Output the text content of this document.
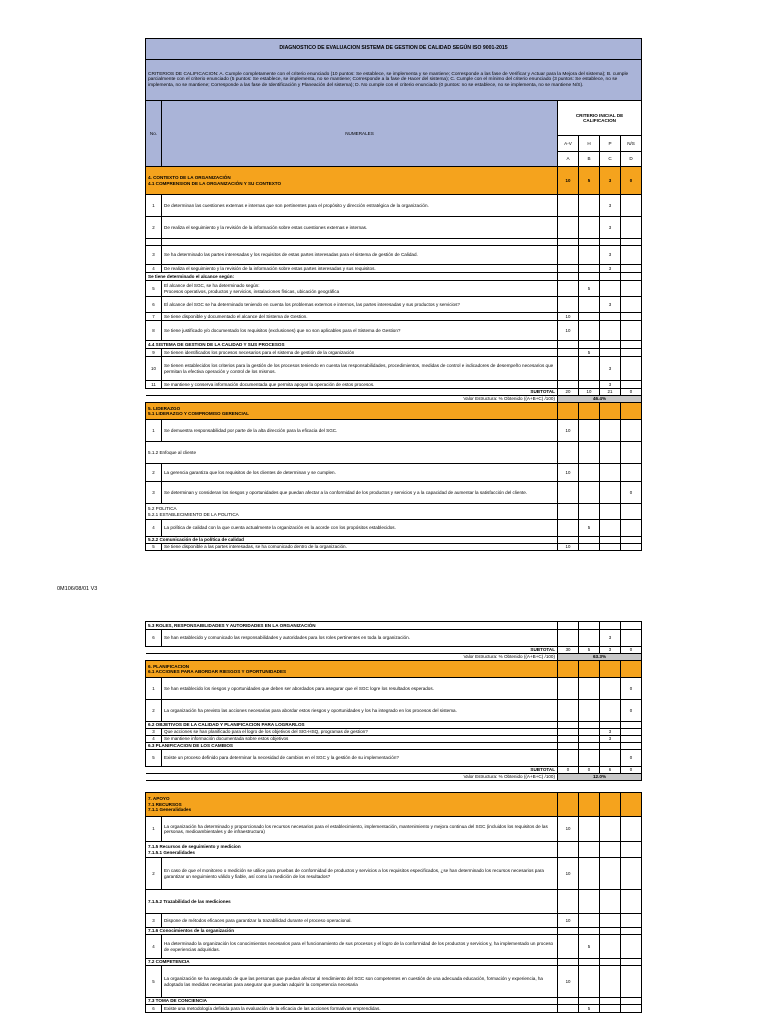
DIAGNOSTICO DE EVALUACION SISTEMA DE GESTION DE CALIDAD SEGÚN ISO 9001-2015					
CRITERIOS DE CALIFICACION: A. Cumple completamente con el criterio enunciado (10 puntos: Se establece, se implementa y se mantiene; Corresponde a las fase de Verificar y Actuar para la Mejora del sistema); B. cumple parcialmente con el criterio enunciado (5 puntos: Se establece, se implementa, no se mantiene; Corresponde a la fase de Hacer del sistema); C. Cumple con el mínimo del criterio enunciado (3 puntos: Se establece, no se implementa, no se mantiene; Corresponde a las fase de Identificación y Planeación del sistema); D. No cumple con el criterio enunciado (0 puntos: no se establece, no se implementa, no se mantiene N/S).					
No.	NUMERALES	CRITERIO INICIAL DE CALIFICACION			
		A-V	H	P	N/S
		A	B	C	D
4. CONTEXTO DE LA ORGANIZACIÓN
4.1 COMPRENSION DE LA ORGANIZACIÓN Y SU CONTEXTO		10	5	3	0
1	De determinan las cuestiones externas e internas que son pertinentes para el propósito y dirección estratégica de la organización.			3	
2	De realiza el seguimiento y la revisión de la información sobre estas cuestiones externas e internas.			3	

3	Se ha determinado las partes interesadas y los requisitos de estas partes interesadas para el sistema de gestión de Calidad.			3	
4	De realiza el seguimiento y la revisión de la información sobre estas partes interesadas y sus requisitos.			3	
Se tiene determinado el alcance según:					
5	El alcance del SGC, se ha determinado según:
Procesos operativos, productos y servicios, instalaciones físicas, ubicación geográfica		5		
6	El alcance del SGC se ha determinado teniendo en cuenta los problemas externos e internos, las partes interesadas y sus productos y servicios?			3	
7	Se tiene disponible y documentado el alcance del Sistema de Gestion.	10			
8	Se tiene justificado y/o documentado los requisitos (exclusiones) que no son aplicables para el Sistema de Gestion?	10			
4.4 SISTEMA DE GESTION DE LA CALIDAD Y SUS PROCESOS					
9	Se tienen identificados los procesos necesarios para el sistema de gestión de la organización		5		
10	Se tienen establecidos los criterios para la gestión de los procesos teniendo en cuenta las responsabilidades, procedimientos, medidas de control e indicadores de desempeño necesarios que permitan la efectiva operación y control de los mismos.			3	
11	Se mantiene y conserva información documentada que permita apoyar la operación de estos procesos.			3	
	SUBTOTAL	20	10	21	0
	Valor Estructura: % Obtenido ((A+B+C) /100)	46.4%			
5. LIDERAZGO
5.1 LIDERAZGO Y COMPROMISO GERENCIAL					
1	Se demuestra responsabilidad por parte de la alta dirección para la eficacia del SGC.	10			
5.1.2 Enfoque al cliente					
2	La gerencia garantiza que los requisitos de los clientes de determinan y se cumplen.	10			
3	Se determinan y consideran los riesgos y oportunidades que puedan afectar a la conformidad de los productos y servicios y a la capacidad de aumentar la satisfacción del cliente.				0
5.2 POLITICA
5.2.1 ESTABLECIMIENTO DE LA POLITICA					
4	La política de calidad con la que cuenta actualmente la organización es la acorde con los propósitos establecidos.		5		
5.2.2 Comunicación de la política de calidad					
5	Se tiene disponible a las partes interesadas, se ha comunicado dentro de la organización.	10			
0M106/08/01 V3
5.3 ROLES, RESPONSABILIDADES Y AUTORIDADES EN LA ORGANIZACIÓN					
6	Se han establecido y comunicado las responsabilidades y autoridades para los roles pertinentes en toda la organización.			3	
	SUBTOTAL	30	5	3	0
	Valor Estructura: % Obtenido ((A+B+C) /100)	63.3%			
6. PLANIFICACION
6.1 ACCIONES PARA ABORDAR RIESGOS Y OPORTUNIDADES					
1	Se han establecido los riesgos y oportunidades que deben ser abordados para asegurar que el SGC logre los resultados esperados.				0
2	La organización ha previsto las acciones necesarias para abordar estos riesgos y oportunidades y los ha integrado en los procesos del sistema.				0
6.2 OBJETIVOS DE LA CALIDAD Y PLANIFICACION PARA LOGRARLOS					
3	Que acciones se han planificado para el logro de los objetivos del SIG-HSQ, programas de gestion?			3	
4	Se mantiene información documentada sobre estos objetivos			3	
6.3 PLANIFICACION DE LOS CAMBIOS					
5	Existe un proceso definido para determinar la necesidad de cambios en el SGC y la gestión de su implementación?				0
	SUBTOTAL	0	0	6	0
	Valor Estructura: % Obtenido ((A+B+C) /100)	12.0%			

7. APOYO
7.1 RECURSOS
7.1.1 Generalidades					
1	La organización ha determinado y proporcionado los recursos necesarios para el establecimiento, implementación, mantenimiento y mejora continua del SGC (incluidos los requisitos de las personas, medioambientales y de infraestructura)	10			
7.1.5 Recursos de seguimiento y medicion
7.1.5.1 Generalidades					
2	En caso de que el monitoreo o medición se utilice para pruebas de conformidad de productos y servicios a los requisitos especificados, ¿se han determinado los recursos necesarios para garantizar un seguimiento válido y fiable, así como la medición de los resultados?	10			
7.1.5.2 Trazabilidad de las mediciones					
3	Dispone de métodos eficaces para garantizar la trazabilidad durante el proceso operacional.	10			
7.1.6 Conocimientos de la organización					
4	Ha determinado la organización los conocimientos necesarios para el funcionamiento de sus procesos y el logro de la conformidad de los productos y servicios y, ha implementado un proceso de experiencias adquiridas.		5		
7.2 COMPETENCIA					
5	La organización se ha asegurado de que las personas que puedan afectar al rendimiento del SGC son competentes en cuestión de una adecuada educación, formación y experiencia, ha adoptado las medidas necesarias para asegurar que puedan adquirir la competencia necesaria	10			
7.3 TOMA DE CONCIENCIA					
6	Existe una metodología definida para la evaluación de la eficacia de las acciones formativas emprendidas.		5		
